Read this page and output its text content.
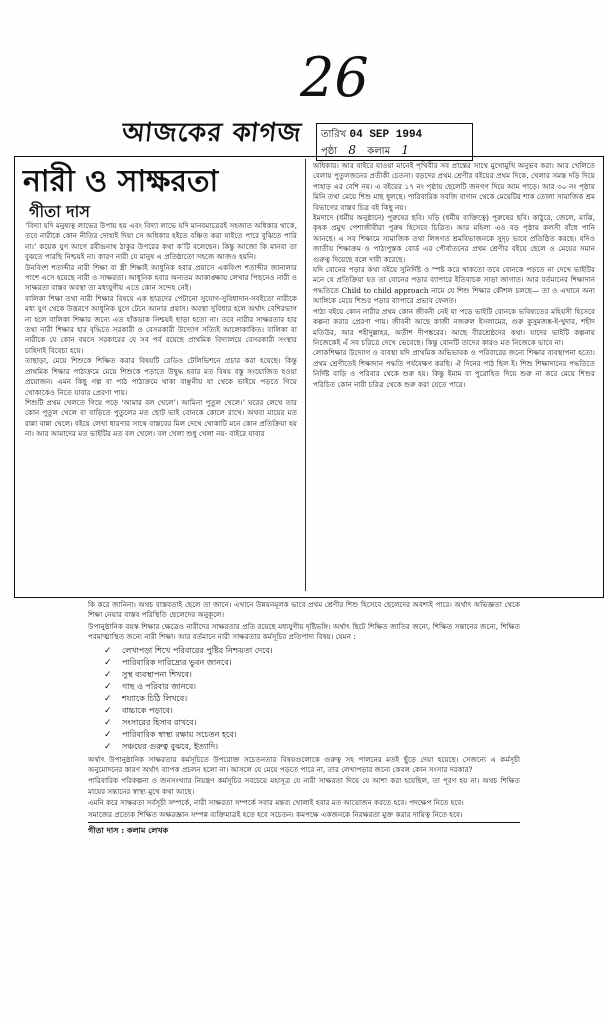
26
আজকের কাগজ তারিখ 04 SEP 1994
পৃষ্ঠা 8 কলাম 1
নারী ও সাক্ষরতা
গীতা দাস

‘বিদ্যা যদি মনুষ্যত্ব লাভের উপায় হয় এবং বিদ্যা লাভে যদি মানবমাত্রেরই সহজাত অধিকার থাকে, তবে নারীকে কোন নীতির দোহাই দিয়া সে অধিকার হইতে বঞ্চিত করা যাইতে পারে বুঝিতে পারি না।’ কয়েক যুগ আগে রবীন্দ্রনাথ ঠাকুর উপরের কথা ক’টি বলেছেন। কিন্তু আজো কি মানবা তা বুঝতে পারছি নিশ্চয়ই না। কারণ নারী যে মানুষ এ প্রতিষ্ঠাতো সহজে আজও হয়নি।

উনবিংশ শতাব্দীর নারী শিক্ষা বা স্ত্রী শিক্ষাই আধুনিক হবার প্রয়াসে একবিংশ শতাব্দীর জানালার পাশে এসে হয়েছে নারী ও সাক্ষরতা। আধুনিক হবার অন্যতম আকাঙ্ক্ষায় লেখার পিছনেও নারী ও সাক্ষরতা বাস্তব অবস্থা তা মধ্যযুগীয় এতে কোন সন্দেহ নেই।

বালিকা শিক্ষা তথা নারী শিক্ষার বিষয়ে এক ছাত্রদের পেটানো সুযোগ-সুবিধাদান-সবইতো নারীকে মধ্য যুগ থেকে উত্তরণে আধুনিক যুগে টেনে আনার প্রয়াস। অবস্থা সুবিধার হলে অর্থাৎ বেশিরভাগ না হলে বালিকা শিক্ষার জন্যে এত হাঁকডাক নিশ্চয়ই ছাড়া হতো না। তবে নারীর সাক্ষরতার হার তথা নারী শিক্ষার হার বৃদ্ধিতে সরকারী ও বেসরকারী উদ্যোগ সত্যিই আলোকাকিত। বালিকা বা নারীকে যে কোন বয়সে সরকারের যে সব পর্ব রয়েছে প্রাথমিক বিদ্যালয়ে বেসরকারী সংস্থার চাহিদাই বিবেচ্য হয়ে।

তাছাড়া, মেয়ে শিশুকে শিক্ষিত করার বিষয়টি রেডিও টেলিভিশনে প্রচার করা হয়েছে। কিন্তু প্রাথমিক শিক্ষার পাঠ্যক্রমে মেয়ে শিশুকে পড়াতে উদ্বুদ্ধ হবার মত বিষয় বস্তু সংযোজিত হওয়া প্রয়োজন। এমন কিছু গল্প বা পাঠ পাঠ্যক্রমে থাকা বাঞ্ছনীয় যা থেকে ভাইয়ে পড়তে গিয়ে খোকাকেও নিতে যাবার প্রেরণা পায়।

শিশুটি প্রথম খেলতে গিয়ে পড়ে ‘আমার বল খেলে’। আমিনা পুতুল খেলে।’ ঘরের লেখে তার কোন পুতুল খেলে বা বাড়িতে পুতুলের মত ছোট ভাই বোনকে কোলে রাখে। অথবা মায়ের মত রান্না বান্না খেলে। বইয়ে লেখা ধারণার সাথে বাস্তবের মিল দেখে খোকাটি মনে কোন প্রতিক্রিয়া হয় না। আর আমাদের মত ভাইটির মত বল খেলে। বল খেলা শুধু খেলা নয়- বাইরে যাবার

অধিকার। আর বাইরে যাওয়া মানেই পৃথিবীর সব প্রান্তের সাথে মুখোমুখি অনুভব করা। আর খেলিতে বেলায় পুতুলজনের প্রতীকী চেতনা। বড়দের প্রথম শ্রেণীর বইয়ের প্রথম দিকে, খেলার সমস্ত দড়ি দিয়ে পাহাড় এর বেশি নয়। এ বইয়ের ১৭ নং পৃষ্ঠায় ছেলেটি জনগণ দিয়ে আম পাড়ে। আর ৩০ নং পৃষ্ঠায় মিনি তথা মেয়ে শিশু মাছ ধুলছে। পারিবারিক সবজি বাগান থেকে মেয়েটির শাক তোলা সামাজিক শ্রম বিভাগের বাস্তব চিত্র বই কিছু নয়।

ইমদাদে (ধর্মীয় অনুষ্ঠানে) পুরুষের ছবি। ঘড়ি (ধর্মীয় ব্যক্তিত্বে) পুরুষের ছবি। কাঠুরে, জেলে, মাঝি, কৃষক প্রমুখ পেশাজীবীরা পুরুষ হিসেবে চিত্রিত। আর মহিলা এও বড় পৃষ্ঠায় কলসী বাঁধে পানি আনছে। এ সব শিক্ষামে সামাজিক তথা লিঙ্গগত শ্রমবিভাজনকে সুদৃঢ় ভাবে প্রতিষ্ঠিত করছে। যদিও জাতীয় শিক্ষাক্রম ও পাঠ্যপুস্তক বোর্ড এর পৌর্বাতনের প্রথম শ্রেণীর বইয়ে ছেলে ও মেয়ের সমান গুরুত্ব দিয়েছে বলে দাবী করেছে।

যদি বোনের পড়ার কথা বইয়ে সুনির্দিষ্ট ও স্পষ্ট করে থাকতো তবে বোনকে পড়তে না দেখে ভাইটির মনে যে প্রতিক্রিয়া হত তা বোনের পড়ার ব্যাপারে ইতিবাচক সাড়া জাগাত। আর বর্তমানের শিক্ষাদান পদ্ধতিতে Child to child approach নামে যে শিশু শিক্ষার কৌশল চলছে— তা ও এখানে অন্য আঙ্গিকে মেয়ে শিশুর পড়ার ব্যাপারে প্রভাব ফেলত।

পাঠ্য বইয়ে কোন নারীর প্রথম কোন জীবনী নেই যা পড়ে ভাইটি বোনকে ভবিষ্যতের মহিয়সী হিসেবে কল্পনা করার প্রেরণা পায়। জীবনী আছে কাজী নজরুল ইসলামের, গুরু কুসুমজঙ্ক-ই-খুদার, শহীদ মতিউর, আর শহীদুল্লাহর, অতীশ দীপঙ্করের। আছে বীরশ্রেষ্ঠদের কথা। যাদের ভাইটি কল্পনায় নিজেকেই এঁ সব চরিত্রে দেখে ভেবেছে। কিন্তু বোনটি তাদের কারও মত নিজেকে ভাবে না।

লোকশিক্ষার উদ্যোগ ও ব্যবস্থা যদি প্রাথমিক অভিভাবক ও পরিবারের জন্যে শিক্ষার ব্যবস্থাপনা হতো। প্রথম শ্রেণীতেই শিক্ষাদান পদ্ধতি পর্যবেক্ষণ করছি। ঐ দিনের পাঠ ছিল ই। শিশু শিক্ষাদানের পদ্ধতিতে নির্দিষ্ট বাড়ি ও পরিবার থেকে শুরু হয়। কিন্তু ইমাম বা পুরোহিত দিয়ে শুরু না করে মেয়ে শিশুর পরিচিত কোন নারী চরিত্র থেকে শুরু করা যেতে পারে।

কি করে জানিনা। অথচ বাস্তবতাই ছেলে তা জানে। এখানে উন্নয়নমূলক ভাবে প্রথম শ্রেণীর শিশু হিসেবে ছেলেদের অবশ্যই পারে। অর্থাৎ অভিজ্ঞতা থেকে শিক্ষা নেয়ার বাস্তব পরিস্থিতি ছেলেদের অনুকূলে।

উপানুষ্ঠানিক বয়স্ক শিক্ষার ক্ষেত্রেও নারীদের সাক্ষরতার প্রতি রয়েছে মধ্যযুগীয় দৃষ্টিভঙ্গি। অর্থাৎ ছিটে শিক্ষিত জাতির জন্যে, শিক্ষিত সন্তানের জন্যে, শিক্ষিত পরমাত্মাস্থিত জন্যে নারী শিক্ষা। আর বর্তমানে নারী সাক্ষরতার কর্মসূচির প্রতিপাদ্য বিষয়। যেমন :

✓ লেখাপড়া শিখে পরিবারের পুষ্টির নিশ্চয়তা দেবে।
✓ পারিবারিক দারিদ্র্যের ভুবন জানবে।
✓ সুস্থ ব্যবস্থাপনা শিখবে।
✓ গাছ ও পরিবার জানবে।
✓ শয্যাকে চিঠি লিখবে।
✓ বাচ্চাকে পড়াবে।
✓ সংসারের হিসাব রাখবে।
✓ পারিবারিক স্বাস্থ্য রক্ষায় সচেতন হবে।
✓ সঞ্চয়ের গুরুত্ব বুঝবে, ইত্যাদি।

অর্থাৎ উপানুষ্ঠানিক সাক্ষরতার কর্মসূচিতে উপরোক্ত সচেতনতার বিষয়গুলোকে গুরুত্ব সহ পালনের মতই ছুঁড়ে দেয়া হয়েছে। সেজন্যে এ কর্মসূচী অনুমোদনের কারণ অর্থাৎ ব্যাপক প্রচলন হলো না। আসলে যে মেয়ে পড়তে পারে না, তার লেখাপড়ার জন্যে কেবল কোন সংসার দরকার?

পারিবারিক পরিকল্পনা ও জনসংখ্যার নিয়ন্ত্রণ কর্মসূচির সবচেয়ে মহাসূত্র যে নারী সাক্ষরতা দিয়ে যে আশা করা হয়েছিল, তা পূরণ হয় না। অথচ শিক্ষিত মায়ের সন্তানের স্বাস্থ্য মুখে কথা আছে।

এমনি করে সাক্ষরতা সর্বসূচী সম্পর্কে, নারী সাক্ষরতা সম্পর্কে সবার মন্তব্য খোলাই হবার মত আয়োজন করতে হবে। পদক্ষেপ নিতে হবে।

সমাজের প্রত্যেক শিক্ষিত অক্ষরজ্ঞান সম্পন্ন ব্যক্তিমাত্রই হতে হবে সচেতন। কমপক্ষে একজনকে নিরক্ষরতা মুক্ত করার দায়িত্ব নিতে হবে।

গীতা দাস : কলাম লেখক
